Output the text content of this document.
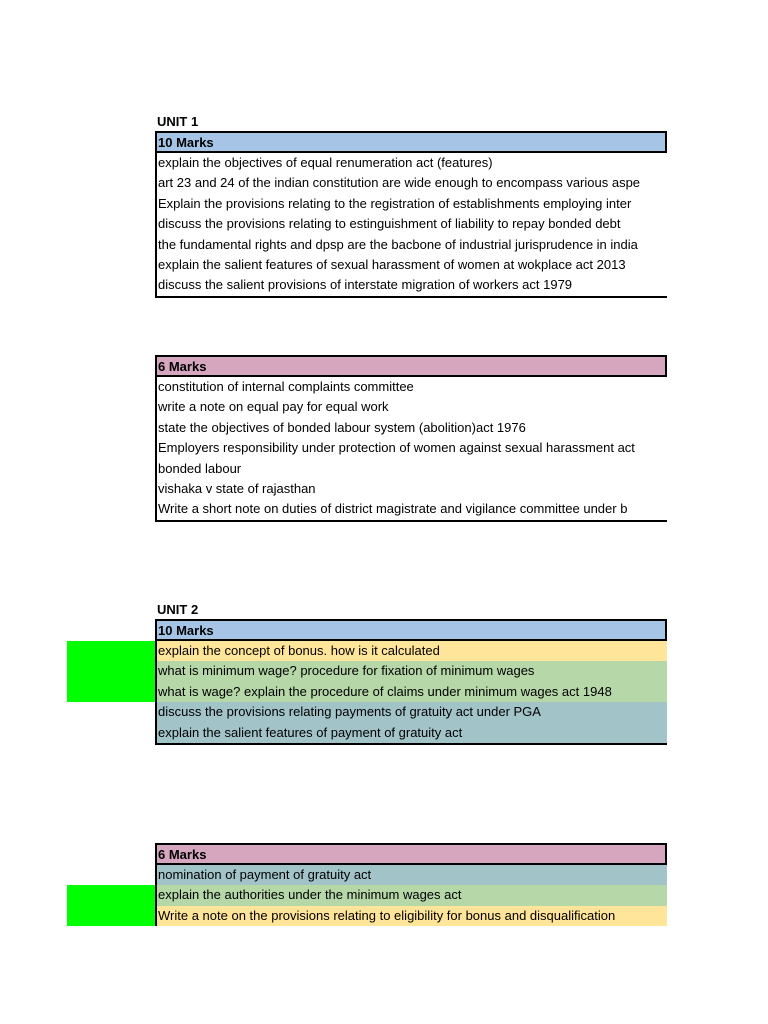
UNIT 1
10 Marks
explain the objectives of equal renumeration act (features)
art 23 and 24 of the indian constitution are wide enough to encompass various aspe
Explain the provisions relating to the registration of establishments employing inter
discuss the provisions relating to estinguishment of liability to repay bonded debt
the fundamental rights and dpsp are the bacbone of industrial jurisprudence in india
explain the salient features of sexual harassment of women at wokplace act 2013
discuss the salient provisions of interstate migration of workers act 1979
6 Marks
constitution of internal complaints committee
write a note on equal pay for equal work
state the objectives of bonded labour system (abolition)act 1976
Employers responsibility under protection of women against sexual harassment act
bonded labour
vishaka v state of rajasthan
Write a short note on duties of district magistrate and vigilance committee under b
UNIT 2
10 Marks
explain the concept of bonus. how is it calculated
what is minimum wage? procedure for fixation of minimum wages
what is wage? explain the procedure of claims under minimum wages act 1948
discuss the provisions relating payments of gratuity act under PGA
explain the salient features of payment of gratuity act
6 Marks
nomination of payment of gratuity act
explain the authorities under the minimum wages act
Write a note on the provisions relating to eligibility for bonus and disqualification
